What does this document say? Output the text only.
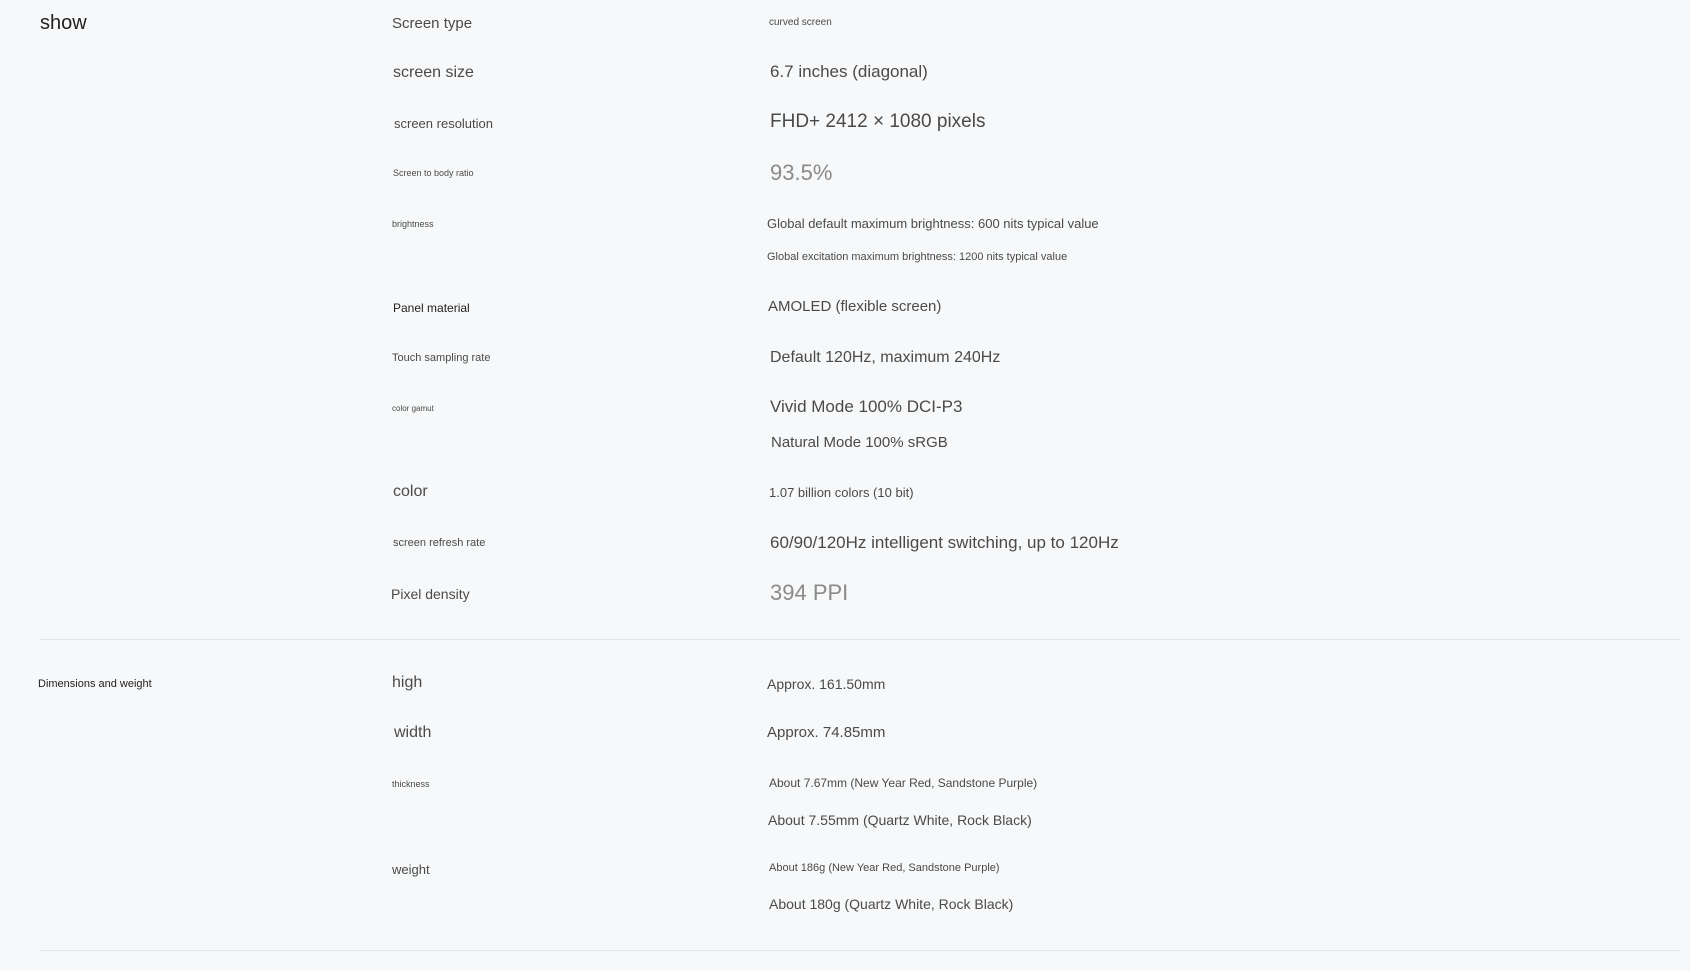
show	Screen type	curved screen
screen size	6.7 inches (diagonal)
screen resolution	FHD+ 2412 × 1080 pixels
Screen to body ratio	93.5%
brightness	Global default maximum brightness: 600 nits typical value
Global excitation maximum brightness: 1200 nits typical value
Panel material	AMOLED (flexible screen)
Touch sampling rate	Default 120Hz, maximum 240Hz
color gamut	Vivid Mode 100% DCI-P3
Natural Mode 100% sRGB
color	1.07 billion colors (10 bit)
screen refresh rate	60/90/120Hz intelligent switching, up to 120Hz
Pixel density	394 PPI
Dimensions and weight	high	Approx. 161.50mm
width	Approx. 74.85mm
thickness	About 7.67mm (New Year Red, Sandstone Purple)
About 7.55mm (Quartz White, Rock Black)
weight	About 186g (New Year Red, Sandstone Purple)
About 180g (Quartz White, Rock Black)
